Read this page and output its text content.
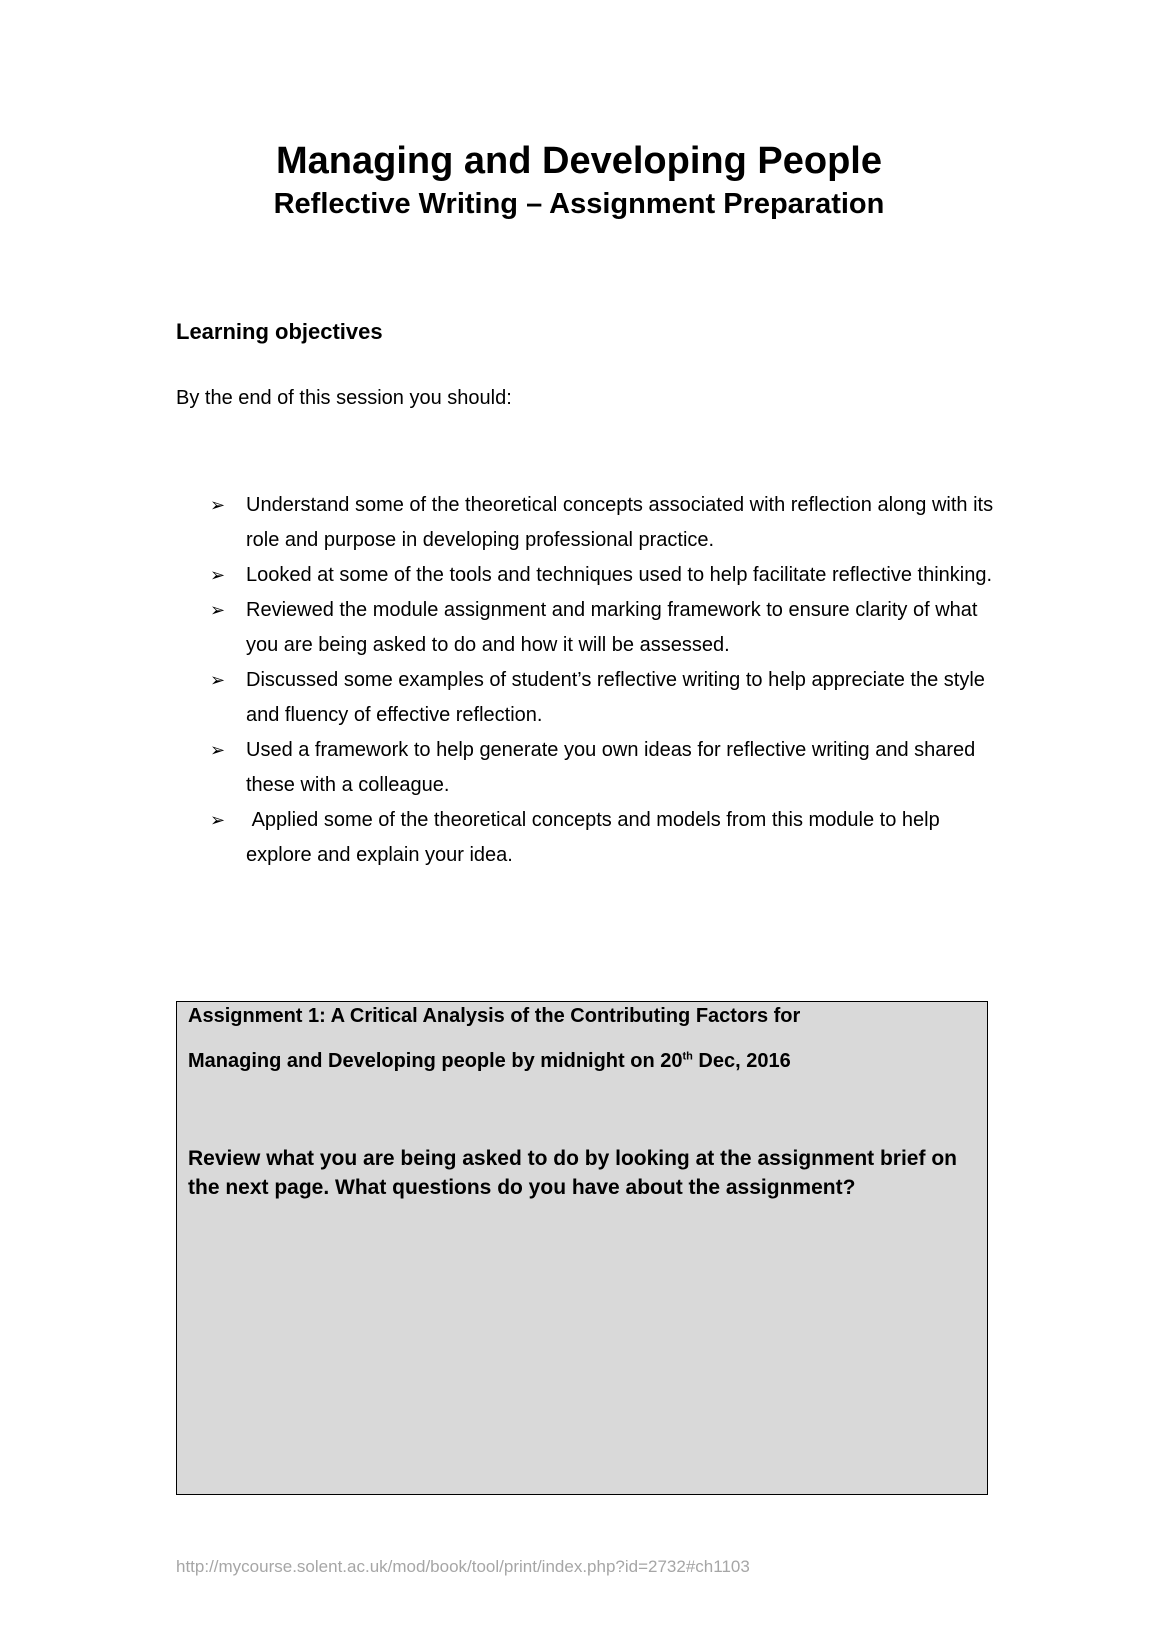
Managing and Developing People
Reflective Writing – Assignment Preparation
Learning objectives
By the end of this session you should:
➢ Understand some of the theoretical concepts associated with reflection along with its role and purpose in developing professional practice.
➢ Looked at some of the tools and techniques used to help facilitate reflective thinking.
➢ Reviewed the module assignment and marking framework to ensure clarity of what you are being asked to do and how it will be assessed.
➢ Discussed some examples of student’s reflective writing to help appreciate the style and fluency of effective reflection.
➢ Used a framework to help generate you own ideas for reflective writing and shared these with a colleague.
➢ Applied some of the theoretical concepts and models from this module to help explore and explain your idea.
Assignment 1: A Critical Analysis of the Contributing Factors for
Managing and Developing people by midnight on 20th Dec, 2016
Review what you are being asked to do by looking at the assignment brief on the next page. What questions do you have about the assignment?
http://mycourse.solent.ac.uk/mod/book/tool/print/index.php?id=2732#ch1103
